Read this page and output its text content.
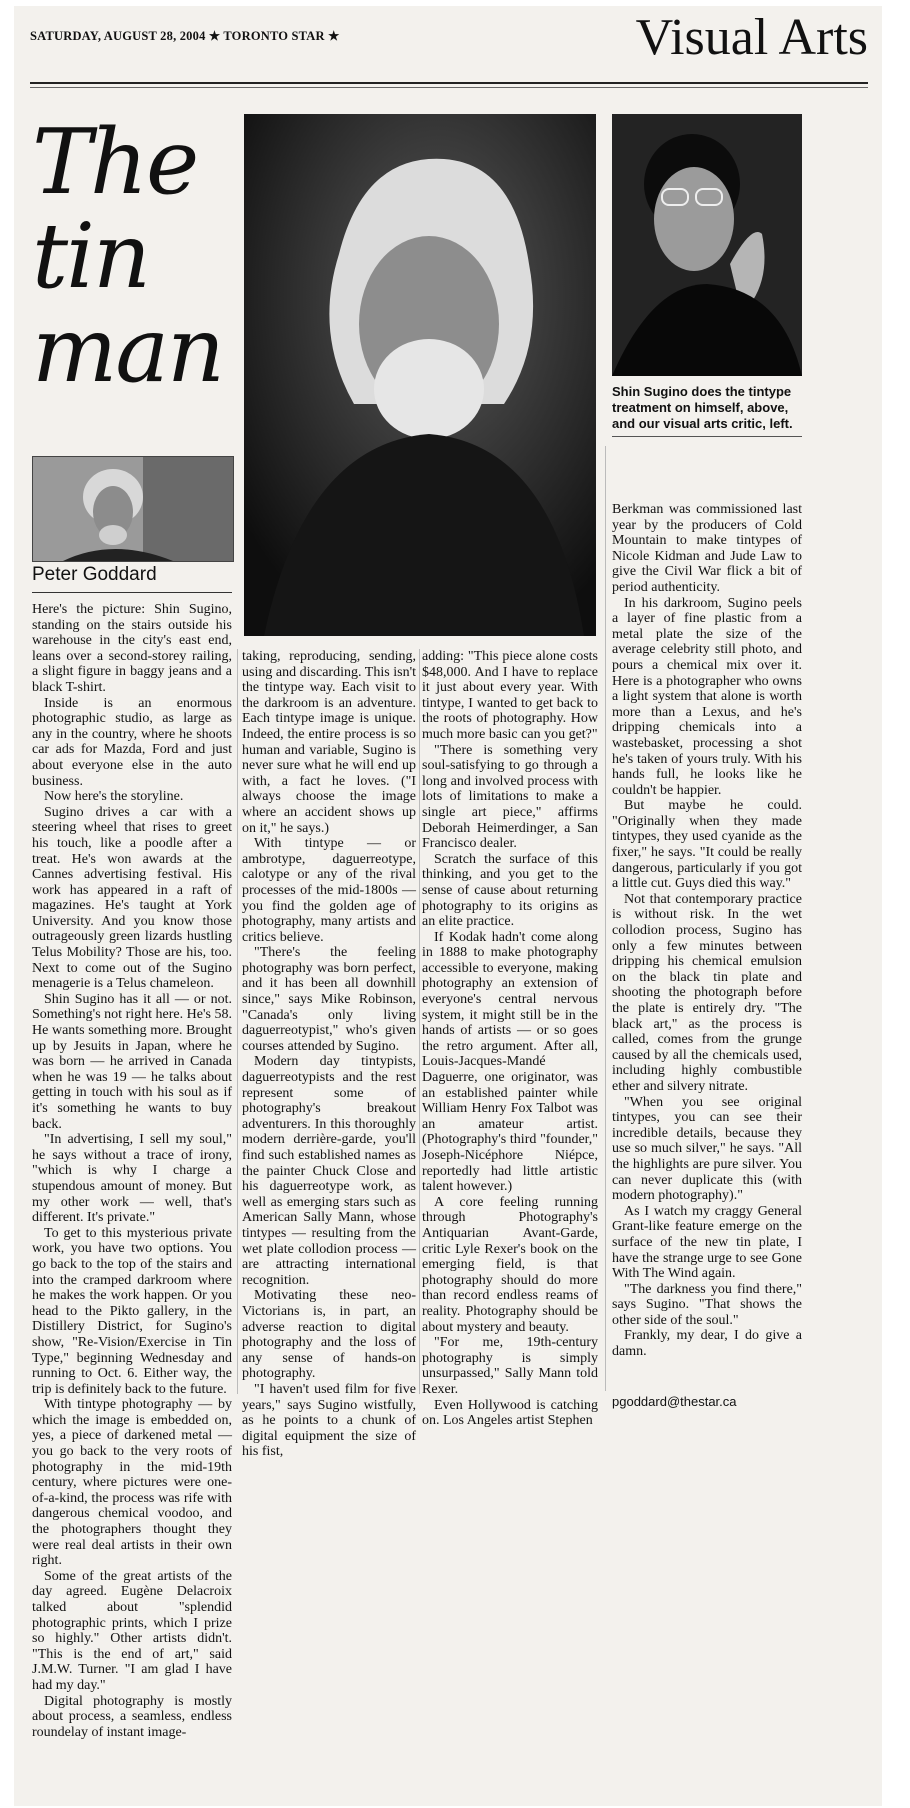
SATURDAY, AUGUST 28, 2004 ★ TORONTO STAR ★	Visual Arts
The
tin
man
Peter Goddard
Shin Sugino does the tintype treatment on himself, above, and our visual arts critic, left.

Here's the picture: Shin Sugino, standing on the stairs outside his warehouse in the city's east end, leans over a second-storey railing, a slight figure in baggy jeans and a black T-shirt.

Inside is an enormous photographic studio, as large as any in the country, where he shoots car ads for Mazda, Ford and just about everyone else in the auto business.

Now here's the storyline.

Sugino drives a car with a steering wheel that rises to greet his touch, like a poodle after a treat. He's won awards at the Cannes advertising festival. His work has appeared in a raft of magazines. He's taught at York University. And you know those outrageously green lizards hustling Telus Mobility? Those are his, too. Next to come out of the Sugino menagerie is a Telus chameleon.

Shin Sugino has it all — or not. Something's not right here. He's 58. He wants something more. Brought up by Jesuits in Japan, where he was born — he arrived in Canada when he was 19 — he talks about getting in touch with his soul as if it's something he wants to buy back.

"In advertising, I sell my soul," he says without a trace of irony, "which is why I charge a stupendous amount of money. But my other work — well, that's different. It's private."

To get to this mysterious private work, you have two options. You go back to the top of the stairs and into the cramped darkroom where he makes the work happen. Or you head to the Pikto gallery, in the Distillery District, for Sugino's show, "Re-Vision/Exercise in Tin Type," beginning Wednesday and running to Oct. 6. Either way, the trip is definitely back to the future.

With tintype photography — by which the image is embedded on, yes, a piece of darkened metal — you go back to the very roots of photography in the mid-19th century, where pictures were one-of-a-kind, the process was rife with dangerous chemical voodoo, and the photographers thought they were real deal artists in their own right.

Some of the great artists of the day agreed. Eugène Delacroix talked about "splendid photographic prints, which I prize so highly." Other artists didn't. "This is the end of art," said J.M.W. Turner. "I am glad I have had my day."

Digital photography is mostly about process, a seamless, endless roundelay of instant image-

taking, reproducing, sending, using and discarding. This isn't the tintype way. Each visit to the darkroom is an adventure. Each tintype image is unique. Indeed, the entire process is so human and variable, Sugino is never sure what he will end up with, a fact he loves. ("I always choose the image where an accident shows up on it," he says.)

With tintype — or ambrotype, daguerreotype, calotype or any of the rival processes of the mid-1800s — you find the golden age of photography, many artists and critics believe.

"There's the feeling photography was born perfect, and it has been all downhill since," says Mike Robinson, "Canada's only living daguerreotypist," who's given courses attended by Sugino.

Modern day tintypists, daguerreotypists and the rest represent some of photography's breakout adventurers. In this thoroughly modern derrière-garde, you'll find such established names as the painter Chuck Close and his daguerreotype work, as well as emerging stars such as American Sally Mann, whose tintypes — resulting from the wet plate collodion process — are attracting international recognition.

Motivating these neo-Victorians is, in part, an adverse reaction to digital photography and the loss of any sense of hands-on photography.

"I haven't used film for five years," says Sugino wistfully, as he points to a chunk of digital equipment the size of his fist,

adding: "This piece alone costs $48,000. And I have to replace it just about every year. With tintype, I wanted to get back to the roots of photography. How much more basic can you get?"

"There is something very soul-satisfying to go through a long and involved process with lots of limitations to make a single art piece," affirms Deborah Heimerdinger, a San Francisco dealer.

Scratch the surface of this thinking, and you get to the sense of cause about returning photography to its origins as an elite practice.

If Kodak hadn't come along in 1888 to make photography accessible to everyone, making photography an extension of everyone's central nervous system, it might still be in the hands of artists — or so goes the retro argument. After all, Louis-Jacques-Mandé Daguerre, one originator, was an established painter while William Henry Fox Talbot was an amateur artist. (Photography's third "founder," Joseph-Nicéphore Niépce, reportedly had little artistic talent however.)

A core feeling running through Photography's Antiquarian Avant-Garde, critic Lyle Rexer's book on the emerging field, is that photography should do more than record endless reams of reality. Photography should be about mystery and beauty.

"For me, 19th-century photography is simply unsurpassed," Sally Mann told Rexer.

Even Hollywood is catching on. Los Angeles artist Stephen

Berkman was commissioned last year by the producers of Cold Mountain to make tintypes of Nicole Kidman and Jude Law to give the Civil War flick a bit of period authenticity.

In his darkroom, Sugino peels a layer of fine plastic from a metal plate the size of the average celebrity still photo, and pours a chemical mix over it. Here is a photographer who owns a light system that alone is worth more than a Lexus, and he's dripping chemicals into a wastebasket, processing a shot he's taken of yours truly. With his hands full, he looks like he couldn't be happier.

But maybe he could. "Originally when they made tintypes, they used cyanide as the fixer," he says. "It could be really dangerous, particularly if you got a little cut. Guys died this way."

Not that contemporary practice is without risk. In the wet collodion process, Sugino has only a few minutes between dripping his chemical emulsion on the black tin plate and shooting the photograph before the plate is entirely dry. "The black art," as the process is called, comes from the grunge caused by all the chemicals used, including highly combustible ether and silvery nitrate.

"When you see original tintypes, you can see their incredible details, because they use so much silver," he says. "All the highlights are pure silver. You can never duplicate this (with modern photography)."

As I watch my craggy General Grant-like feature emerge on the surface of the new tin plate, I have the strange urge to see Gone With The Wind again.

"The darkness you find there," says Sugino. "That shows the other side of the soul."

Frankly, my dear, I do give a damn.

pgoddard@thestar.ca
